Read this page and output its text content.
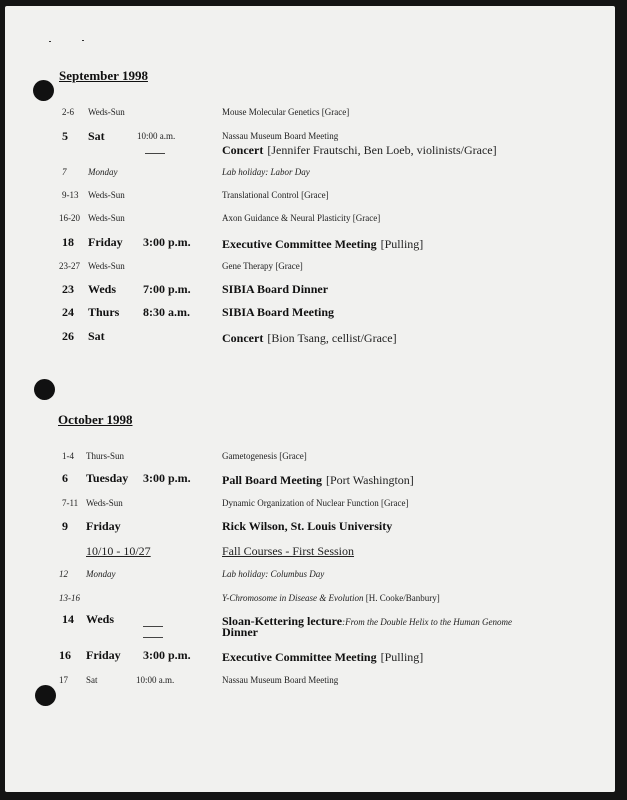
September 1998
2-6 Weds-Sun	Mouse Molecular Genetics [Grace]
5 Sat	10:00 a.m.	Nassau Museum Board Meeting
Concert [Jennifer Frautschi, Ben Loeb, violinists/Grace]
7 Monday	Lab holiday: Labor Day
9-13 Weds-Sun	Translational Control [Grace]
16-20 Weds-Sun	Axon Guidance & Neural Plasticity [Grace]
18 Friday 3:00 p.m.	Executive Committee Meeting [Pulling]
23-27 Weds-Sun	Gene Therapy [Grace]
23 Weds 7:00 p.m.	SIBIA Board Dinner
24 Thurs 8:30 a.m.	SIBIA Board Meeting
26 Sat	Concert [Bion Tsang, cellist/Grace]
October 1998
1-4 Thurs-Sun	Gametogenesis [Grace]
6 Tuesday 3:00 p.m.	Pall Board Meeting [Port Washington]
7-11 Weds-Sun	Dynamic Organization of Nuclear Function [Grace]
9 Friday	Rick Wilson, St. Louis University
10/10 - 10/27	Fall Courses - First Session
12 Monday	Lab holiday: Columbus Day
13-16	Y-Chromosome in Disease & Evolution [H. Cooke/Banbury]
14 Weds	Sloan-Kettering lecture:From the Double Helix to the Human Genome
Dinner
16 Friday 3:00 p.m.	Executive Committee Meeting [Pulling]
17 Sat	10:00 a.m.	Nassau Museum Board Meeting
